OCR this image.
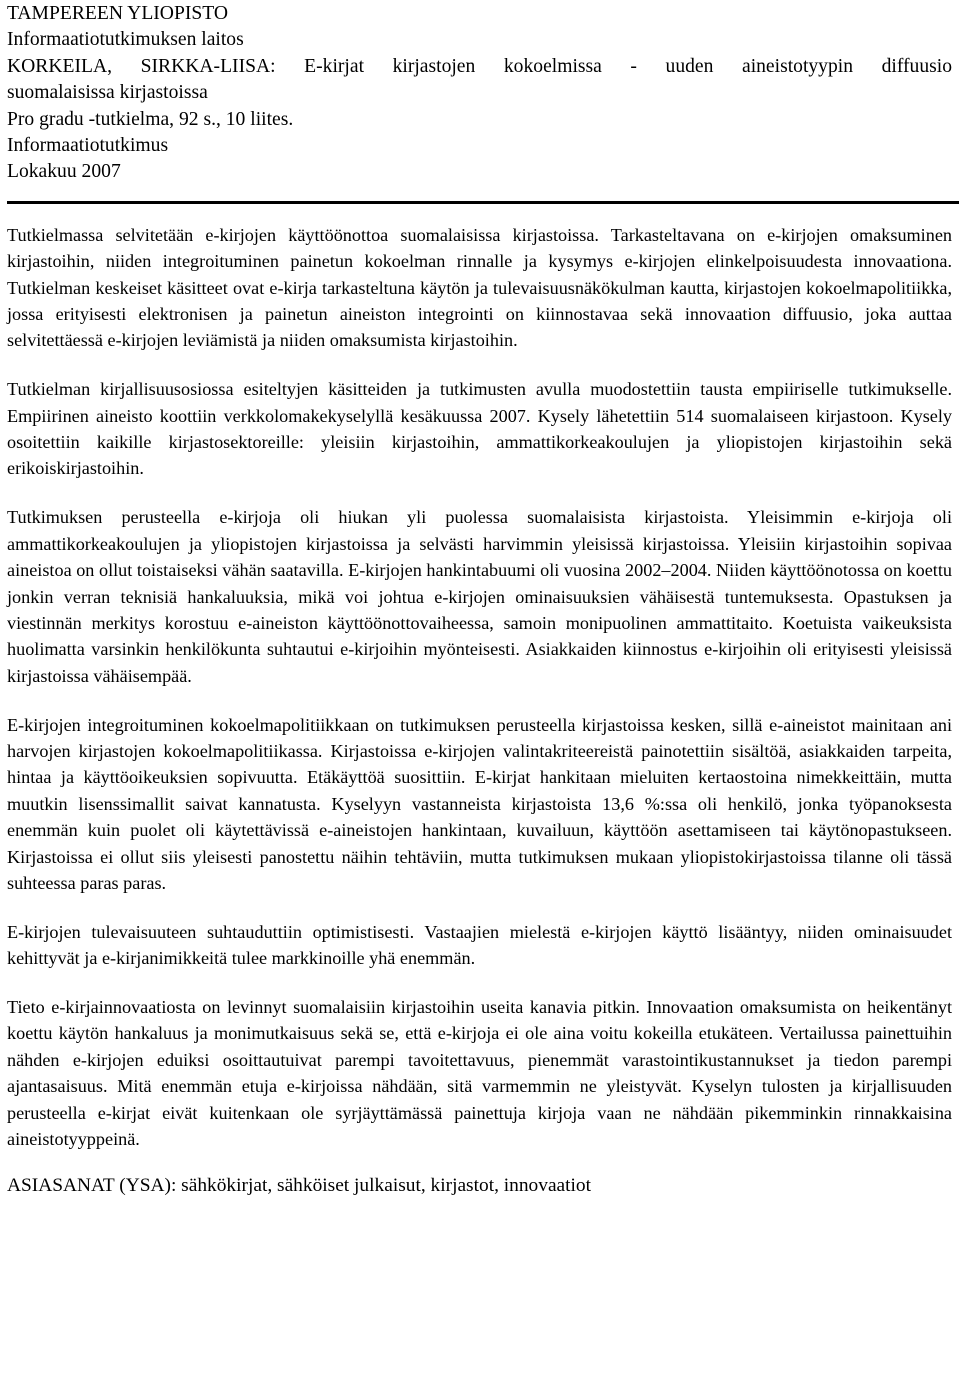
TAMPEREEN YLIOPISTO
Informaatiotutkimuksen laitos
KORKEILA, SIRKKA-LIISA: E-kirjat kirjastojen kokoelmissa - uuden aineistotyypin diffuusio
suomalaisissa kirjastoissa
Pro gradu -tutkielma, 92 s., 10 liites.
Informaatiotutkimus
Lokakuu 2007

Tutkielmassa selvitetään e-kirjojen käyttöönottoa suomalaisissa kirjastoissa. Tarkasteltavana on e-kirjojen omaksuminen kirjastoihin, niiden integroituminen painetun kokoelman rinnalle ja kysymys e-kirjojen elinkelpoisuudesta innovaationa. Tutkielman keskeiset käsitteet ovat e-kirja tarkasteltuna käytön ja tulevaisuusnäkökulman kautta, kirjastojen kokoelmapolitiikka, jossa erityisesti elektronisen ja painetun aineiston integrointi on kiinnostavaa sekä innovaation diffuusio, joka auttaa selvitettäessä e-kirjojen leviämistä ja niiden omaksumista kirjastoihin.

Tutkielman kirjallisuusosiossa esiteltyjen käsitteiden ja tutkimusten avulla muodostettiin tausta empiiriselle tutkimukselle. Empiirinen aineisto koottiin verkkolomakekyselyllä kesäkuussa 2007. Kysely lähetettiin 514 suomalaiseen kirjastoon. Kysely osoitettiin kaikille kirjastosektoreille: yleisiin kirjastoihin, ammattikorkeakoulujen ja yliopistojen kirjastoihin sekä erikoiskirjastoihin.

Tutkimuksen perusteella e-kirjoja oli hiukan yli puolessa suomalaisista kirjastoista. Yleisimmin e-kirjoja oli ammattikorkeakoulujen ja yliopistojen kirjastoissa ja selvästi harvimmin yleisissä kirjastoissa. Yleisiin kirjastoihin sopivaa aineistoa on ollut toistaiseksi vähän saatavilla. E-kirjojen hankintabuumi oli vuosina 2002–2004. Niiden käyttöönotossa on koettu jonkin verran teknisiä hankaluuksia, mikä voi johtua e-kirjojen ominaisuuksien vähäisestä tuntemuksesta. Opastuksen ja viestinnän merkitys korostuu e-aineiston käyttöönottovaiheessa, samoin monipuolinen ammattitaito. Koetuista vaikeuksista huolimatta varsinkin henkilökunta suhtautui e-kirjoihin myönteisesti. Asiakkaiden kiinnostus e-kirjoihin oli erityisesti yleisissä kirjastoissa vähäisempää.

E-kirjojen integroituminen kokoelmapolitiikkaan on tutkimuksen perusteella kirjastoissa kesken, sillä e-aineistot mainitaan ani harvojen kirjastojen kokoelmapolitiikassa. Kirjastoissa e-kirjojen valintakriteereistä painotettiin sisältöä, asiakkaiden tarpeita, hintaa ja käyttöoikeuksien sopivuutta. Etäkäyttöä suosittiin. E-kirjat hankitaan mieluiten kertaostoina nimekkeittäin, mutta muutkin lisenssimallit saivat kannatusta. Kyselyyn vastanneista kirjastoista 13,6 %:ssa oli henkilö, jonka työpanoksesta enemmän kuin puolet oli käytettävissä e-aineistojen hankintaan, kuvailuun, käyttöön asettamiseen tai käytönopastukseen. Kirjastoissa ei ollut siis yleisesti panostettu näihin tehtäviin, mutta tutkimuksen mukaan yliopistokirjastoissa tilanne oli tässä suhteessa paras paras.

E-kirjojen tulevaisuuteen suhtauduttiin optimistisesti. Vastaajien mielestä e-kirjojen käyttö lisääntyy, niiden ominaisuudet kehittyvät ja e-kirjanimikkeitä tulee markkinoille yhä enemmän.

Tieto e-kirjainnovaatiosta on levinnyt suomalaisiin kirjastoihin useita kanavia pitkin. Innovaation omaksumista on heikentänyt koettu käytön hankaluus ja monimutkaisuus sekä se, että e-kirjoja ei ole aina voitu kokeilla etukäteen. Vertailussa painettuihin nähden e-kirjojen eduiksi osoittautuivat parempi tavoitettavuus, pienemmät varastointikustannukset ja tiedon parempi ajantasaisuus. Mitä enemmän etuja e-kirjoissa nähdään, sitä varmemmin ne yleistyvät. Kyselyn tulosten ja kirjallisuuden perusteella e-kirjat eivät kuitenkaan ole syrjäyttämässä painettuja kirjoja vaan ne nähdään pikemminkin rinnakkaisina aineistotyyppeinä.

ASIASANAT (YSA): sähkökirjat, sähköiset julkaisut, kirjastot, innovaatiot
